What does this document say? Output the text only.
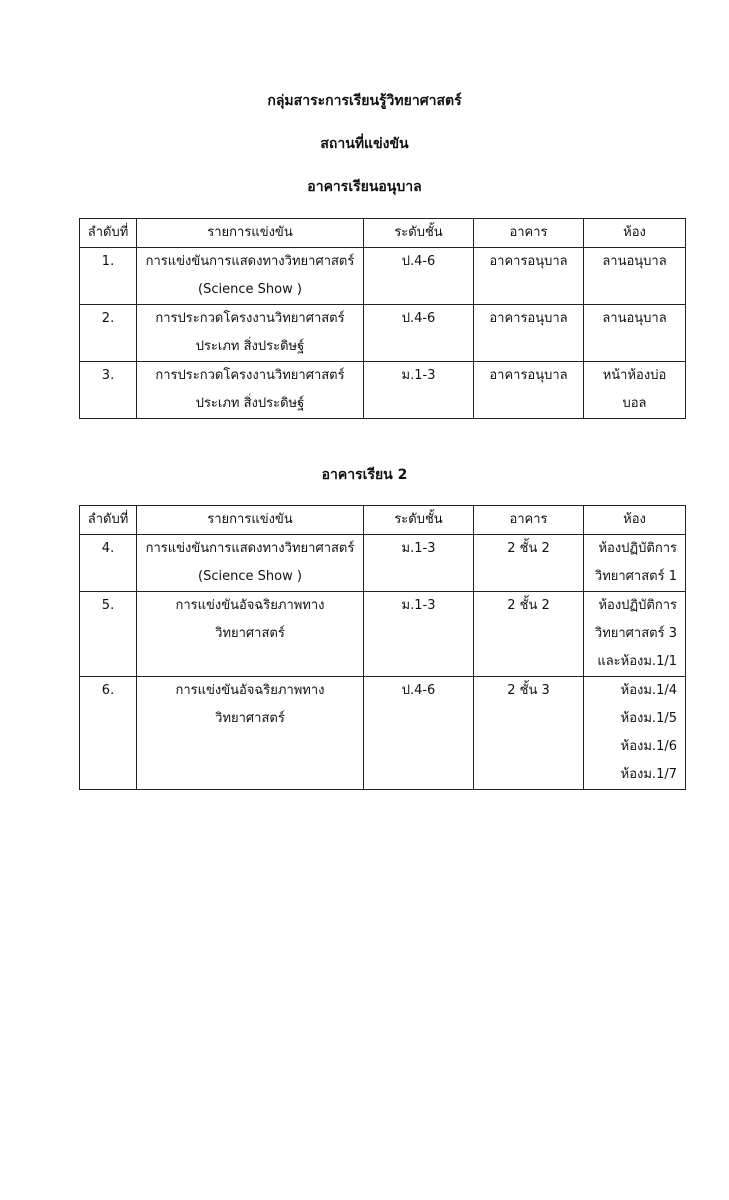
กลุ่มสาระการเรียนรู้วิทยาศาสตร์
สถานที่แข่งขัน
อาคารเรียนอนุบาล
ลำดับที่	รายการแข่งขัน	ระดับชั้น	อาคาร	ห้อง

1.	การแข่งขันการแสดงทางวิทยาศาสตร์
(Science Show )	ป.4-6	อาคารอนุบาล	ลานอนุบาล

2.	การประกวดโครงงานวิทยาศาสตร์
ประเภท สิ่งประดิษฐ์	ป.4-6	อาคารอนุบาล	ลานอนุบาล

3.	การประกวดโครงงานวิทยาศาสตร์
ประเภท สิ่งประดิษฐ์	ม.1-3	อาคารอนุบาล	หน้าห้องบ่อ
บอล
อาคารเรียน 2
ลำดับที่	รายการแข่งขัน	ระดับชั้น	อาคาร	ห้อง

4.	การแข่งขันการแสดงทางวิทยาศาสตร์
(Science Show )	ม.1-3	2 ชั้น 2	ห้องปฏิบัติการ
วิทยาศาสตร์ 1

5.	การแข่งขันอัจฉริยภาพทาง
วิทยาศาสตร์	ม.1-3	2 ชั้น 2	ห้องปฏิบัติการ
วิทยาศาสตร์ 3
และห้องม.1/1

6.	การแข่งขันอัจฉริยภาพทาง
วิทยาศาสตร์	ป.4-6	2 ชั้น 3	ห้องม.1/4
ห้องม.1/5
ห้องม.1/6
ห้องม.1/7
